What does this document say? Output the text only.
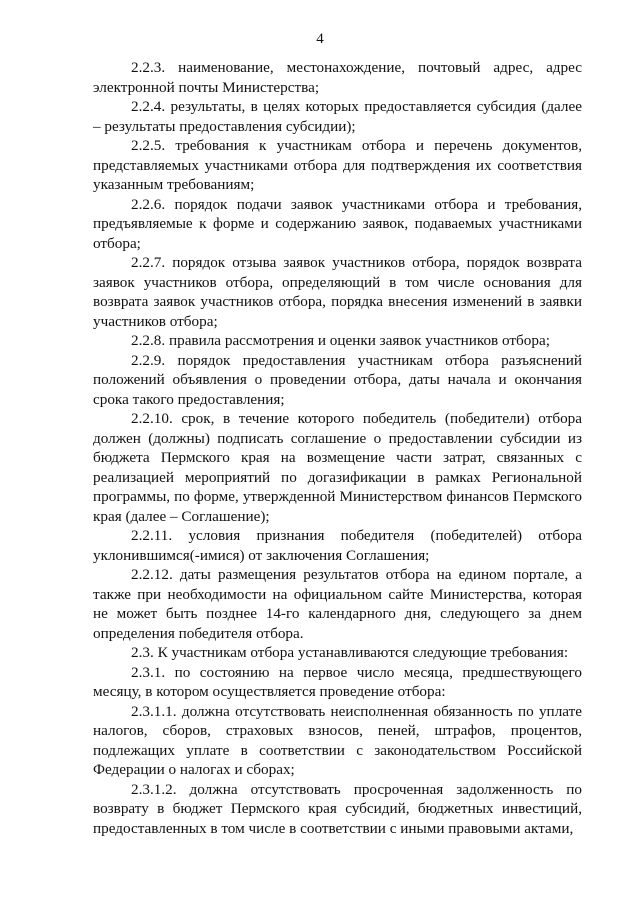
4

2.2.3. наименование, местонахождение, почтовый адрес, адрес электронной почты Министерства;

2.2.4. результаты, в целях которых предоставляется субсидия (далее – результаты предоставления субсидии);

2.2.5. требования к участникам отбора и перечень документов, представляемых участниками отбора для подтверждения их соответствия указанным требованиям;

2.2.6. порядок подачи заявок участниками отбора и требования, предъявляемые к форме и содержанию заявок, подаваемых участниками отбора;

2.2.7. порядок отзыва заявок участников отбора, порядок возврата заявок участников отбора, определяющий в том числе основания для возврата заявок участников отбора, порядка внесения изменений в заявки участников отбора;

2.2.8. правила рассмотрения и оценки заявок участников отбора;

2.2.9. порядок предоставления участникам отбора разъяснений положений объявления о проведении отбора, даты начала и окончания срока такого предоставления;

2.2.10. срок, в течение которого победитель (победители) отбора должен (должны) подписать соглашение о предоставлении субсидии из бюджета Пермского края на возмещение части затрат, связанных с реализацией мероприятий по догазификации в рамках Региональной программы, по форме, утвержденной Министерством финансов Пермского края (далее – Соглашение);

2.2.11. условия признания победителя (победителей) отбора уклонившимся(-имися) от заключения Соглашения;

2.2.12. даты размещения результатов отбора на едином портале, а также при необходимости на официальном сайте Министерства, которая не может быть позднее 14-го календарного дня, следующего за днем определения победителя отбора.

2.3. К участникам отбора устанавливаются следующие требования:

2.3.1. по состоянию на первое число месяца, предшествующего месяцу, в котором осуществляется проведение отбора:

2.3.1.1. должна отсутствовать неисполненная обязанность по уплате налогов, сборов, страховых взносов, пеней, штрафов, процентов, подлежащих уплате в соответствии с законодательством Российской Федерации о налогах и сборах;

2.3.1.2. должна отсутствовать просроченная задолженность по возврату в бюджет Пермского края субсидий, бюджетных инвестиций, предоставленных в том числе в соответствии с иными правовыми актами,
